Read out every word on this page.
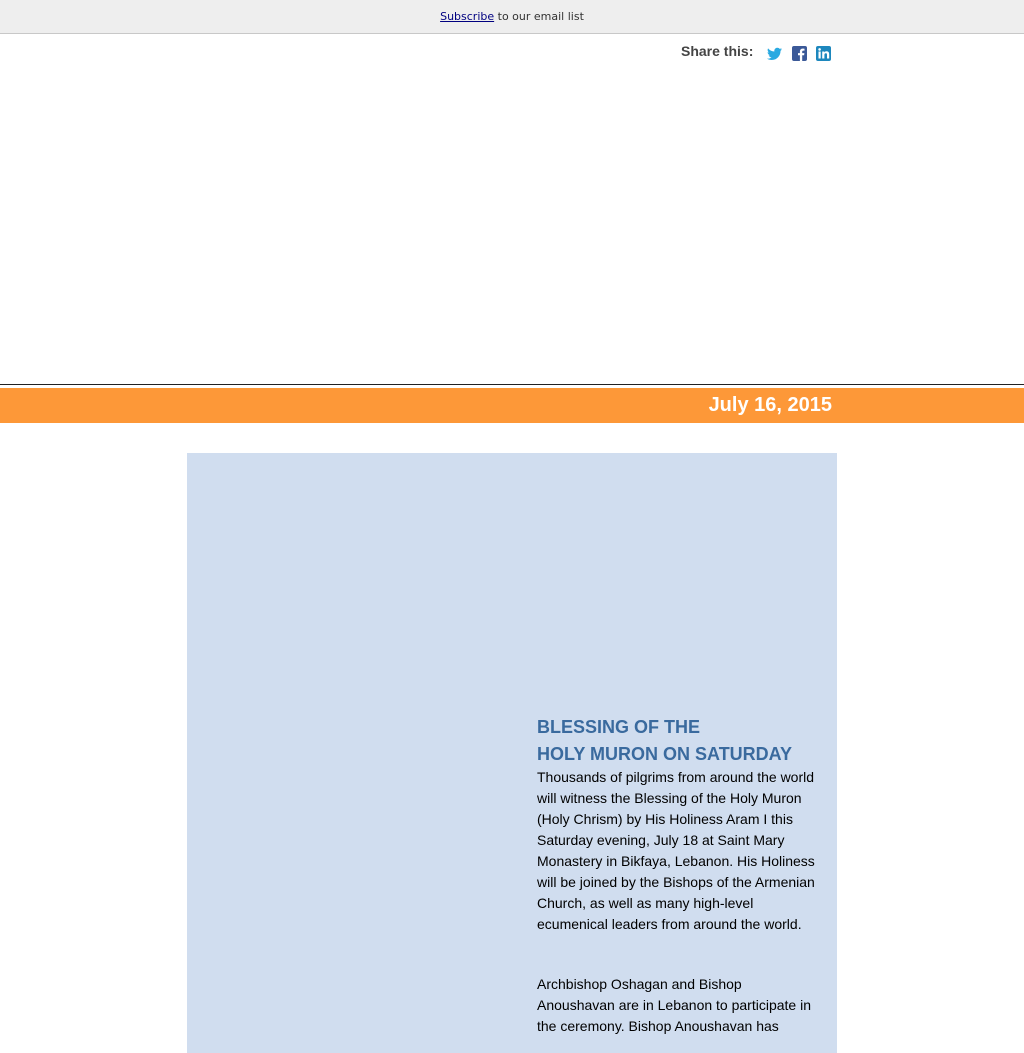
Subscribe to our email list
Share this:
July 16, 2015
BLESSING OF THE
HOLY MURON ON SATURDAY

Thousands of pilgrims from around the world will witness the Blessing of the Holy Muron (Holy Chrism) by His Holiness Aram I this Saturday evening, July 18 at Saint Mary Monastery in Bikfaya, Lebanon. His Holiness will be joined by the Bishops of the Armenian Church, as well as many high-level ecumenical leaders from around the world.

Archbishop Oshagan and Bishop Anoushavan are in Lebanon to participate in the ceremony. Bishop Anoushavan has
